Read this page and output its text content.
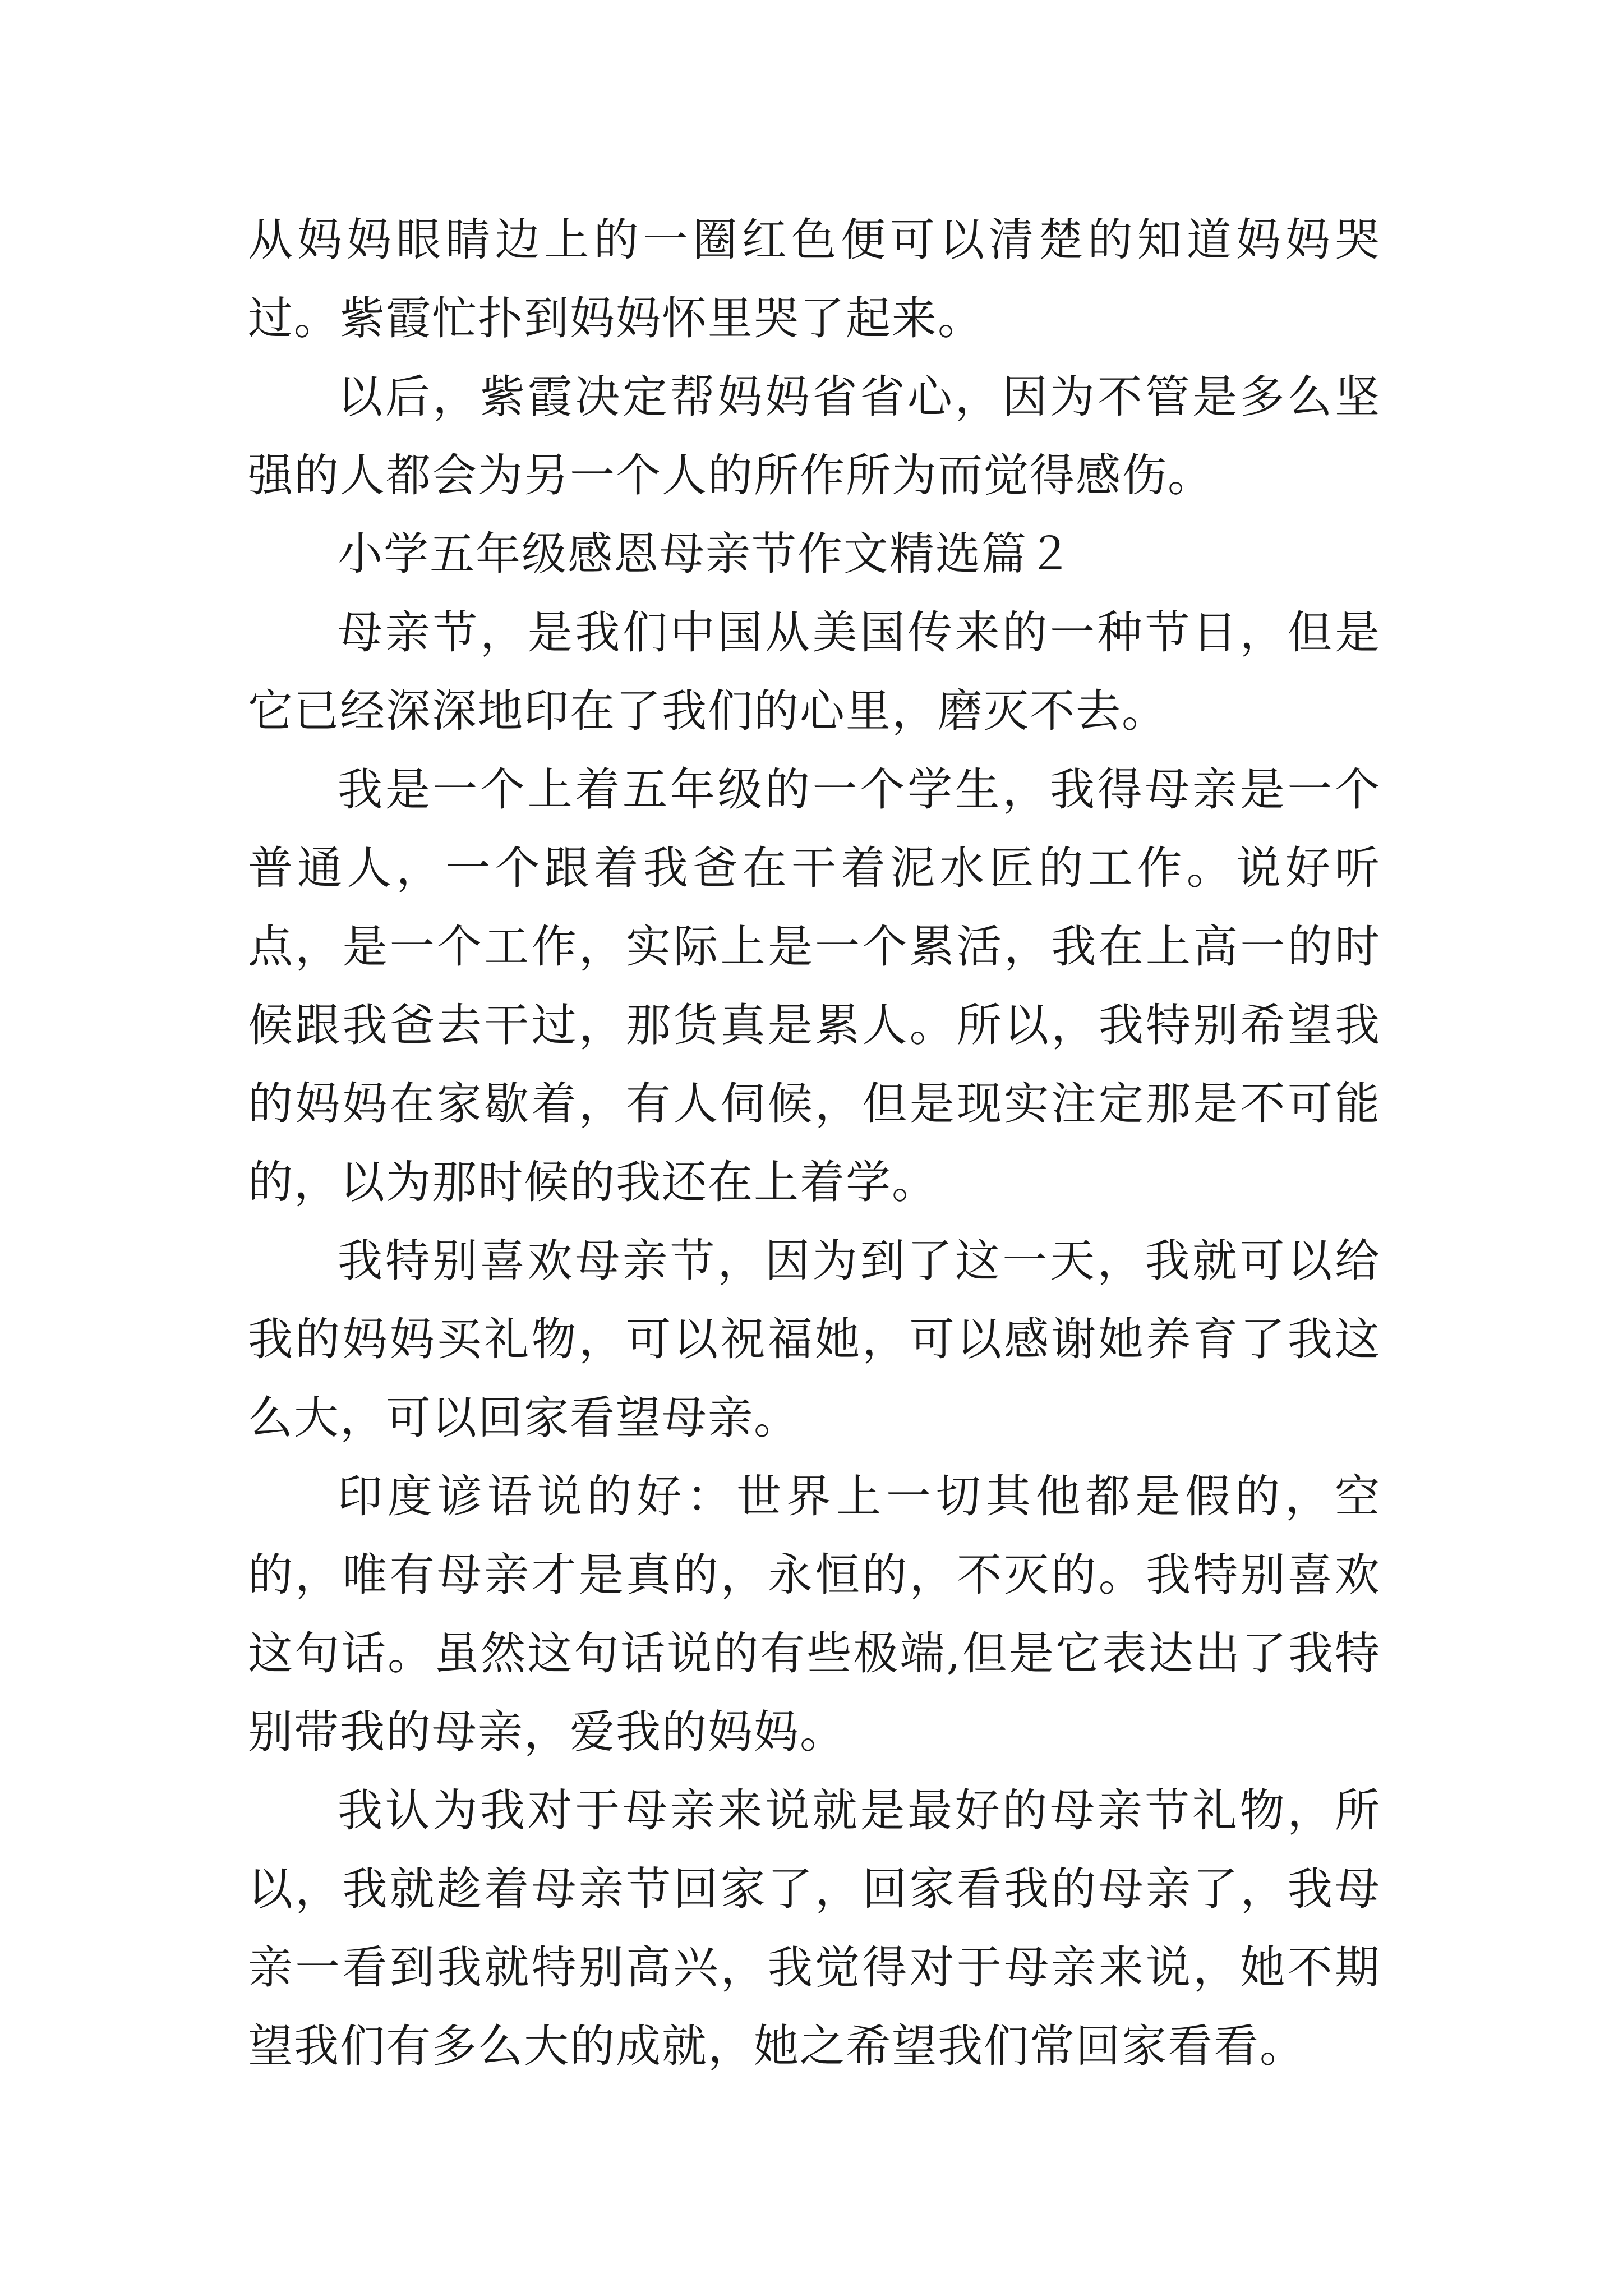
从妈妈眼睛边上的一圈红色便可以清楚的知道妈妈哭过。紫霞忙扑到妈妈怀里哭了起来。

以后，紫霞决定帮妈妈省省心，因为不管是多么坚强的人都会为另一个人的所作所为而觉得感伤。

小学五年级感恩母亲节作文精选篇２

母亲节，是我们中国从美国传来的一种节日，但是它已经深深地印在了我们的心里，磨灭不去。

我是一个上着五年级的一个学生，我得母亲是一个普通人，一个跟着我爸在干着泥水匠的工作。说好听点，是一个工作，实际上是一个累活，我在上高一的时候跟我爸去干过，那货真是累人。所以，我特别希望我的妈妈在家歇着，有人伺候，但是现实注定那是不可能的，以为那时候的我还在上着学。

我特别喜欢母亲节，因为到了这一天，我就可以给我的妈妈买礼物，可以祝福她，可以感谢她养育了我这么大，可以回家看望母亲。

印度谚语说的好：世界上一切其他都是假的，空的，唯有母亲才是真的，永恒的，不灭的。我特别喜欢这句话。虽然这句话说的有些极端,但是它表达出了我特别带我的母亲，爱我的妈妈。

我认为我对于母亲来说就是最好的母亲节礼物，所以，我就趁着母亲节回家了，回家看我的母亲了，我母亲一看到我就特别高兴，我觉得对于母亲来说，她不期望我们有多么大的成就，她之希望我们常回家看看。
